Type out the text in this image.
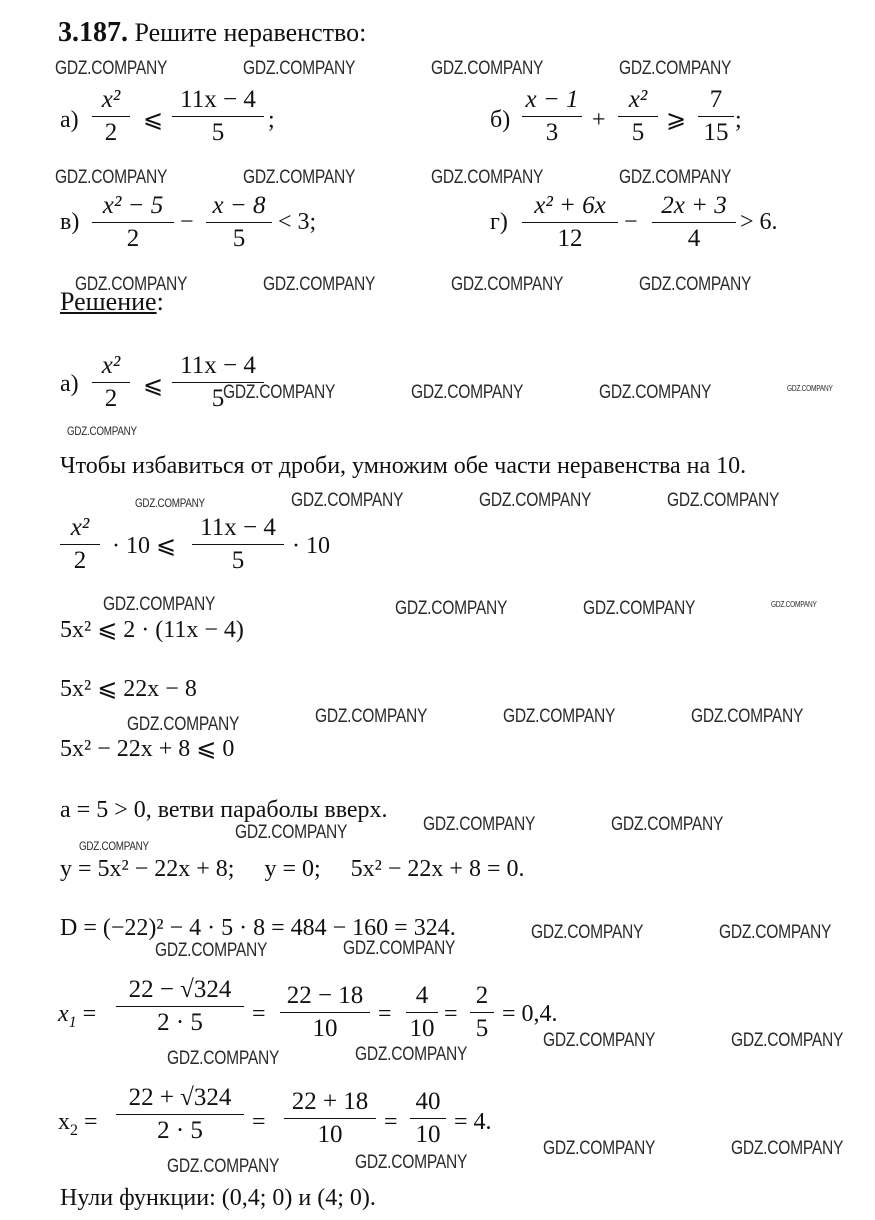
3.187. Решите неравенство:
GDZ.COMPANY	GDZ.COMPANY	GDZ.COMPANY	GDZ.COMPANY
GDZ.COMPANY	GDZ.COMPANY	GDZ.COMPANY	GDZ.COMPANY
GDZ.COMPANY	GDZ.COMPANY	GDZ.COMPANY	GDZ.COMPANY
GDZ.COMPANY	GDZ.COMPANY	GDZ.COMPANY	GDZ.COMPANY
GDZ.COMPANY
GDZ.COMPANY	GDZ.COMPANY	GDZ.COMPANY	GDZ.COMPANY
GDZ.COMPANY	GDZ.COMPANY	GDZ.COMPANY	GDZ.COMPANY
GDZ.COMPANY	GDZ.COMPANY	GDZ.COMPANY	GDZ.COMPANY
GDZ.COMPANY	GDZ.COMPANY	GDZ.COMPANY
GDZ.COMPANY
GDZ.COMPANY	GDZ.COMPANY
GDZ.COMPANY	GDZ.COMPANY
GDZ.COMPANY	GDZ.COMPANY
GDZ.COMPANY	GDZ.COMPANY
GDZ.COMPANY	GDZ.COMPANY
GDZ.COMPANY	GDZ.COMPANY
а)
x²
2	⩽
11x − 4
5	;	б)
x − 1
3	+
x²
5 ⩾
7
15 ;
в)
x² − 5
2
−
x − 8
5
< 3;	г)
x² + 6x
12
−
2x + 3
4
> 6.
Решение:
а)
x²
2	⩽
11x − 4
5
Чтобы избавиться от дроби, умножим обе части неравенства на 10.
x²
2
· 10 ⩽
11x − 4
5
· 10
5x² ⩽ 2 · (11x − 4)
5x² ⩽ 22x − 8
5x² − 22x + 8 ⩽ 0
a = 5 > 0, ветви параболы вверх.
y = 5x² − 22x + 8;     y = 0;     5x² − 22x + 8 = 0.
D = (−22)² − 4 · 5 · 8 = 484 − 160 = 324.
$x_1$ =
22 − √324
2 · 5	=
22 − 18
10
=
4
10
=
2
5
= 0,4.
$x_2$ =
22 + √324
2 · 5	=
22 + 18
10	=
40
10 = 4.
Нули функции: (0,4; 0) и (4; 0).
